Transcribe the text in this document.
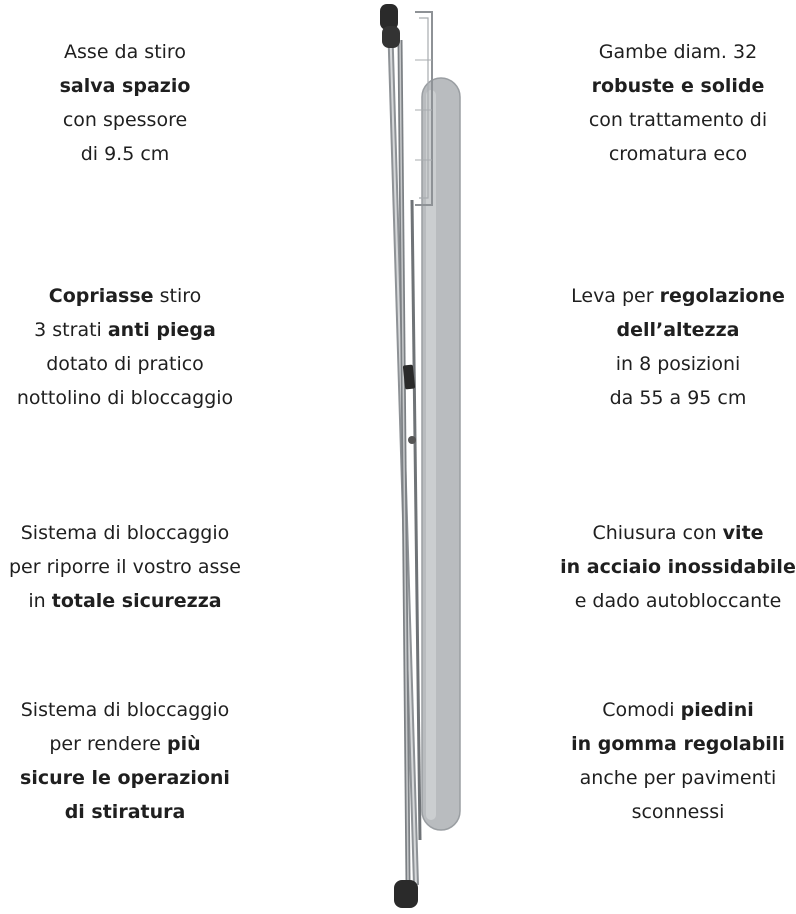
Asse da stiro
salva spazio
con spessore
di 9.5 cm
Copriasse stiro
3 strati anti piega
dotato di pratico
nottolino di bloccaggio
Sistema di bloccaggio
per riporre il vostro asse
in totale sicurezza
Sistema di bloccaggio
per rendere più
sicure le operazioni
di stiratura
Gambe diam. 32
robuste e solide
con trattamento di
cromatura eco
Leva per regolazione
dell’altezza
in 8 posizioni
da 55 a 95 cm
Chiusura con vite
in acciaio inossidabile
e dado autobloccante
Comodi piedini
in gomma regolabili
anche per pavimenti
sconnessi
